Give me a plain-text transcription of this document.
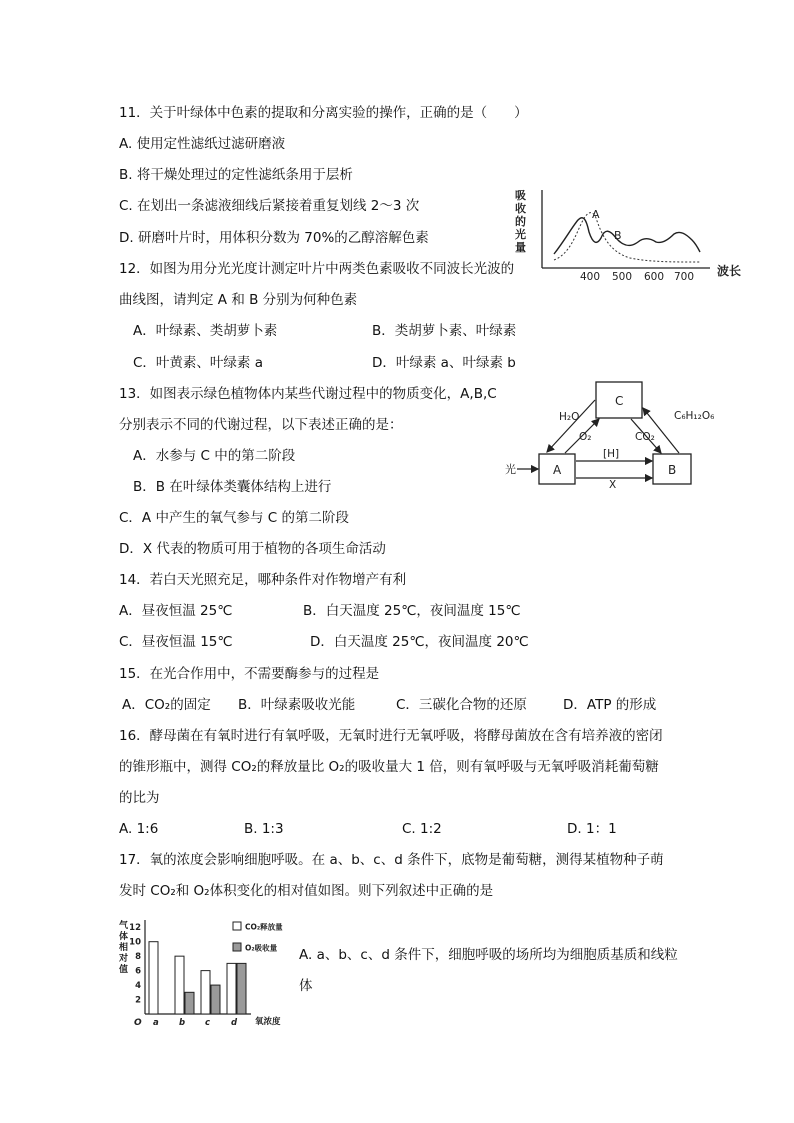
11．关于叶绿体中色素的提取和分离实验的操作，正确的是（　　）
A. 使用定性滤纸过滤研磨液
B. 将干燥处理过的定性滤纸条用于层析
C. 在划出一条滤液细线后紧接着重复划线 2～3 次
D. 研磨叶片时，用体积分数为 70%的乙醇溶解色素
吸
收
的
光
量
A
B
400 500 600 700 波长
12．如图为用分光光度计测定叶片中两类色素吸收不同波长光波的
曲线图，请判定 A 和 B 分别为何种色素
A．叶绿素、类胡萝卜素	B．类胡萝卜素、叶绿素
C．叶黄素、叶绿素 a	D．叶绿素 a、叶绿素 b
C
A	B
光
[H]
X
H₂O
O₂
C₆H₁₂O₆
CO₂
13．如图表示绿色植物体内某些代谢过程中的物质变化，A,B,C
分别表示不同的代谢过程，以下表述正确的是：
A．水参与 C 中的第二阶段
B．B 在叶绿体类囊体结构上进行
C．A 中产生的氧气参与 C 的第二阶段
D．X 代表的物质可用于植物的各项生命活动
14．若白天光照充足，哪种条件对作物增产有利
A．昼夜恒温 25℃	B．白天温度 25℃，夜间温度 15℃
C．昼夜恒温 15℃	D．白天温度 25℃，夜间温度 20℃
15．在光合作用中，不需要酶参与的过程是
A．CO₂的固定 B．叶绿素吸收光能	C．三碳化合物的还原	D．ATP 的形成
16．酵母菌在有氧时进行有氧呼吸，无氧时进行无氧呼吸，将酵母菌放在含有培养液的密闭
的锥形瓶中，测得 CO₂的释放量比 O₂的吸收量大 1 倍，则有氧呼吸与无氧呼吸消耗葡萄糖
的比为
A. 1:6	B. 1:3	C. 1:2	D. 1：1
17．氧的浓度会影响细胞呼吸。在 a、b、c、d 条件下，底物是葡萄糖，测得某植物种子萌
发时 CO₂和 O₂体积变化的相对值如图。则下列叙述中正确的是
气
体
相
对
值
2
4
6
8
10
12
a b c d
CO₂释放量
O₂吸收量
O	氧浓度
A. a、b、c、d 条件下，细胞呼吸的场所均为细胞质基质和线粒
体
